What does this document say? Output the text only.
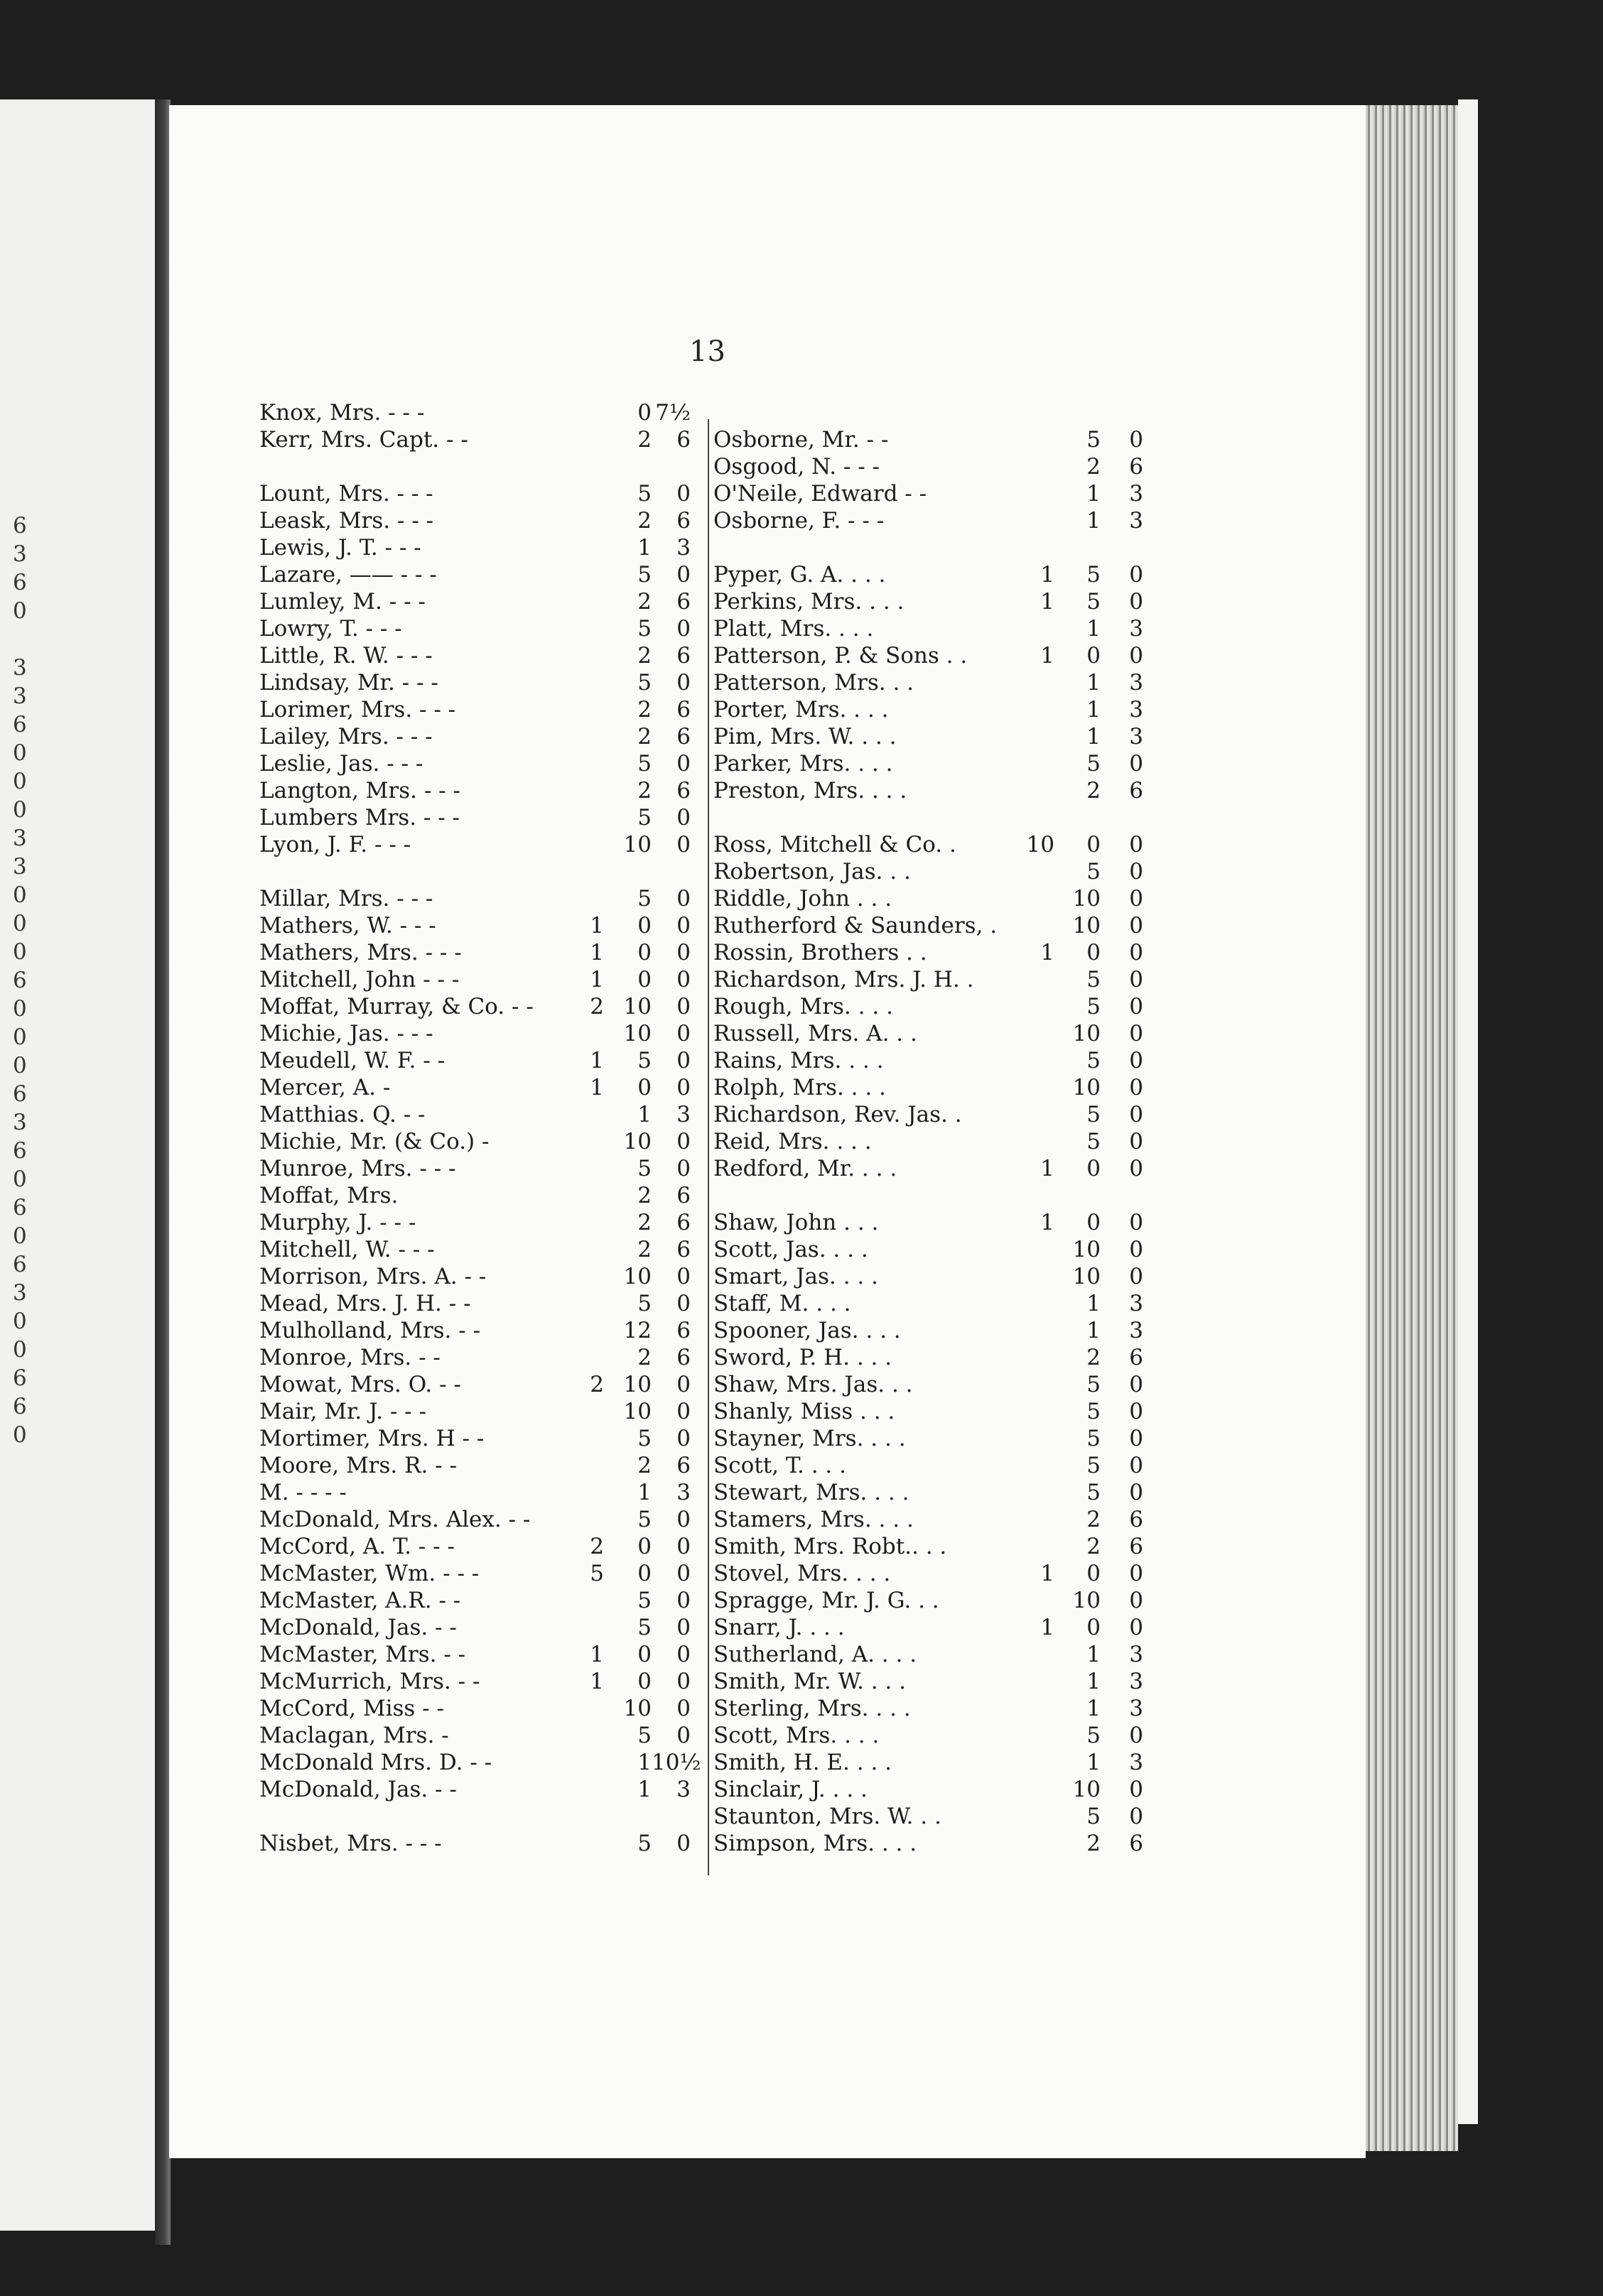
6
3
6
0
3
3
6
0
0
0
3
3
0
0
0
6
0
0
0
6
3
6
0
6
0
6
3
0
0
6
6
0
13
Knox, Mrs. - - -	0 7½
Kerr, Mrs. Capt. - -	2	6
Lount, Mrs. - - -	5	0
Leask, Mrs. - - -	2	6
Lewis, J. T. - - -	1	3
Lazare, —— - - -	5	0
Lumley, M. - - -	2	6
Lowry, T. - - -	5	0
Little, R. W. - - -	2	6
Lindsay, Mr. - - -	5	0
Lorimer, Mrs. - - -	2	6
Lailey, Mrs. - - -	2	6
Leslie, Jas. - - -	5	0
Langton, Mrs. - - -	2	6
Lumbers Mrs. - - -	5	0
Lyon, J. F. - - -	10	0
Millar, Mrs. - - -	5	0
Mathers, W. - - -	1	0	0
Mathers, Mrs. - - -	1	0	0
Mitchell, John - - -	1	0	0
Moffat, Murray, & Co. - -	2 10	0
Michie, Jas. - - -	10	0
Meudell, W. F. - -	1	5	0
Mercer, A. -	1	0	0
Matthias. Q. - -	1	3
Michie, Mr. (& Co.) -	10	0
Munroe, Mrs. - - -	5	0
Moffat, Mrs.	2	6
Murphy, J. - - -	2	6
Mitchell, W. - - -	2	6
Morrison, Mrs. A. - -	10	0
Mead, Mrs. J. H. - -	5	0
Mulholland, Mrs. - -	12	6
Monroe, Mrs. - -	2	6
Mowat, Mrs. O. - -	2 10	0
Mair, Mr. J. - - -	10	0
Mortimer, Mrs. H - -	5	0
Moore, Mrs. R. - -	2	6
M. - - - -	1	3
McDonald, Mrs. Alex. - -	5	0
McCord, A. T. - - -	2	0	0
McMaster, Wm. - - -	5	0	0
McMaster, A.R. - -	5	0
McDonald, Jas. - -	5	0
McMaster, Mrs. - -	1	0	0
McMurrich, Mrs. - -	1	0	0
McCord, Miss - -	10	0
Maclagan, Mrs. -	5	0
McDonald Mrs. D. - -	1 10½
McDonald, Jas. - -	1	3
Nisbet, Mrs. - - -	5	0
Osborne, Mr. - -	5	0
Osgood, N. - - -	2	6
O'Neile, Edward - -	1	3
Osborne, F. - - -	1	3
Pyper, G. A. . . .	1	5	0
Perkins, Mrs. . . .	1	5	0
Platt, Mrs. . . .	1	3
Patterson, P. & Sons . .	1	0	0
Patterson, Mrs. . .	1	3
Porter, Mrs. . . .	1	3
Pim, Mrs. W. . . .	1	3
Parker, Mrs. . . .	5	0
Preston, Mrs. . . .	2	6
Ross, Mitchell & Co. .	10	0	0
Robertson, Jas. . .	5	0
Riddle, John . . .	10	0
Rutherford & Saunders, .	10	0
Rossin, Brothers . .	1	0	0
Richardson, Mrs. J. H. .	5	0
Rough, Mrs. . . .	5	0
Russell, Mrs. A. . .	10	0
Rains, Mrs. . . .	5	0
Rolph, Mrs. . . .	10	0
Richardson, Rev. Jas. .	5	0
Reid, Mrs. . . .	5	0
Redford, Mr. . . .	1	0	0
Shaw, John . . .	1	0	0
Scott, Jas. . . .	10	0
Smart, Jas. . . .	10	0
Staff, M. . . .	1	3
Spooner, Jas. . . .	1	3
Sword, P. H. . . .	2	6
Shaw, Mrs. Jas. . .	5	0
Shanly, Miss . . .	5	0
Stayner, Mrs. . . .	5	0
Scott, T. . . .	5	0
Stewart, Mrs. . . .	5	0
Stamers, Mrs. . . .	2	6
Smith, Mrs. Robt.. . .	2	6
Stovel, Mrs. . . .	1	0	0
Spragge, Mr. J. G. . .	10	0
Snarr, J. . . .	1	0	0
Sutherland, A. . . .	1	3
Smith, Mr. W. . . .	1	3
Sterling, Mrs. . . .	1	3
Scott, Mrs. . . .	5	0
Smith, H. E. . . .	1	3
Sinclair, J. . . .	10	0
Staunton, Mrs. W. . .	5	0
Simpson, Mrs. . . .	2	6
